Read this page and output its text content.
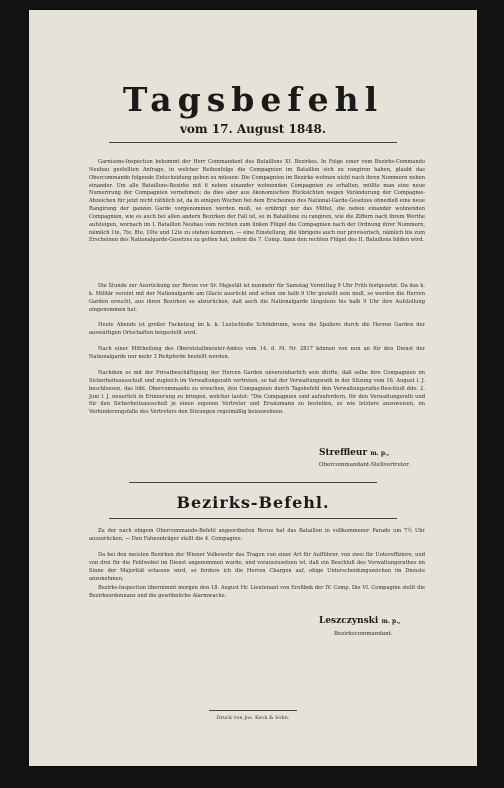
Tagsbefehl
vom 17. August 1848.

Garnisons-Inspection bekommt der Herr Commandant des Bataillons XI. Bezirkes. In Folge einer vom Bezirks-Commando Neubau gestellten Anfrage, in welcher Reihenfolge die Compagnien im Bataillon sich zu rangiren haben, glaubt das Obercommando folgende Entscheidung geben zu müssen: Die Compagnien im Bezirke wohnen nicht nach ihren Nummern neben einander. Um alle Bataillons-Bezirke mit 6 neben einander wohnenden Compagnien zu erhalten, müßte man eine neue Numerirung der Compagnien vornehmen; da dies aber aus ökonomischen Rücksichten wegen Veränderung der Compagnie-Abzeichen für jetzt nicht räthlich ist, da in einigen Wochen bei dem Erscheinen des National-Garde-Gesetzes ohnedieß eine neue Rangirung der ganzen Garde vorgenommen werden muß, so erübrigt nur das Mittel, die neben einander wohnenden Compagnien, wie es auch bei allen andern Bezirken der Fall ist, so in Bataillone zu rangiren, wie die Ziffern nach ihrem Werthe aufsteigen, wornach im I. Bataillon Neubau vom rechten zum linken Flügel die Compagnien nach der Ordnung ihrer Nummern, nämlich 1te, 7te, 8te, 10te und 12te zu stehen kommen, — eine Einstellung, die übrigens auch nur provisorisch, nämlich bis zum Erscheinen des Nationalgarde-Gesetzes zu gelten hat, indem die 7. Comp. dann den rechten Flügel des II. Bataillons bilden wird.

Die Stunde zur Ausrückung zur Revue vor Sr. Majestät ist nunmehr für Samstag Vormittag 9 Uhr Früh festgesetzt. Da das k. k. Militär vereint mit der Nationalgarde am Glacis ausrückt und schon um halb 9 Uhr gestellt sein muß, so werden die Herren Garden ersucht, aus ihren Bezirken so abzurücken, daß auch die Nationalgarde längstens bis halb 9 Uhr ihre Aufstellung eingenommen hat.

Heute Abends ist großer Fackelzug im k. k. Lustschloße Schönbrunn, wozu die Spaliere durch die Herren Garden der auswärtigen Ortschaften beigestellt wird.

Nach einer Mittheilung des Oberststallmeister-Amtes vom 14. d. M. Nr. 2817 können von nun an für den Dienst der Nationalgarde nur mehr 3 Reitpferde bestellt werden.

Nachdem es mit der Privatbeschäftigung der Herren Garden unvereinbarlich sein dürfte, daß selbe ihre Compagnien im Sicherheitsausschuß und zugleich im Verwaltungsrath vertreten, so hat der Verwaltungsrath in der Sitzung vom 16. August l. J. beschlossen, das löbl. Obercommando zu ersuchen, den Compagnien durch Tagsbefehl den Verwaltungsraths-Beschluß ddo. 2. Juni l. J. neuerlich in Erinnerung zu bringen, welcher lautet: "Die Compagnien sind aufzufordern, für den Verwaltungsrath und für den Sicherheitsausschuß je einen eigenen Vertreter und Ersatzmann zu bestellen, so wie letztere anzuweisen, im Verhinderungsfalle des Vertreters den Sitzungen regelmäßig beizuwohnen.

Streffleur m. p.,
Obercommandant-Stellvertreter.
Bezirks-Befehl.

Zu der nach obigem Obercommando-Befehl angeordneten Revue hat das Bataillon in vollkommener Parade um 7½ Uhr auszurücken. — Den Fahnenträger stellt die 4. Compagnie.

Da bei den meisten Bezirken der Wiener Volkswehr das Tragen von einer Art für Aufführer, von zwei für Unteroffiziere, und von drei für die Feldwebel im Dienst angenommen wurde, und vorauszusetzen ist, daß ein Beschluß des Verwaltungsrathes im Sinne der Majorität erlassen wird, so fordere ich die Herren Chargen auf, obige Unterscheidungszeichen im Dienste anzunehmen.

Bezirks-Inspection übernimmt morgen den 18. August Hr. Lieutenant von Eroßbek der IV. Comp. Die VI. Compagnie stellt die Bezirksordonnanz und die gewöhnliche Alarmwache.

Leszczynski m. p.,
Bezirkscommandant.
Druck von Jos. Keck & Sohn.
